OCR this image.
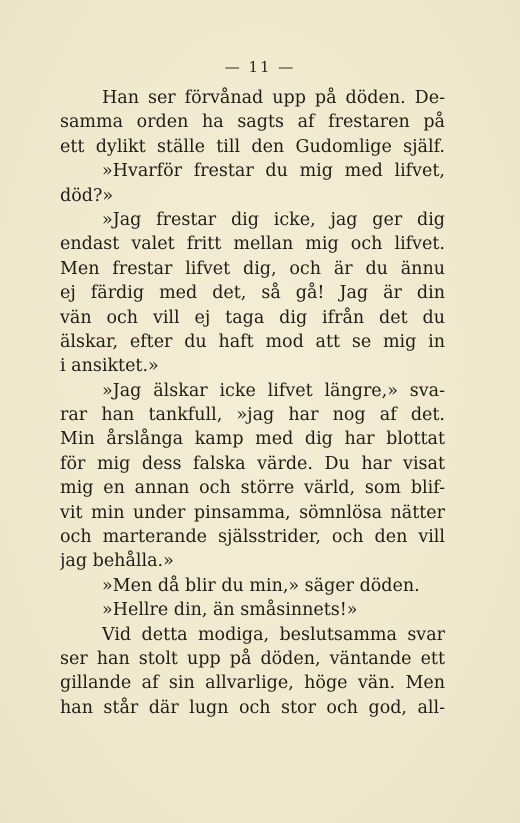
— 11 —
Han ser förvånad upp på döden. De-
samma orden ha sagts af frestaren på
ett dylikt ställe till den Gudomlige själf.
»Hvarför frestar du mig med lifvet,
död?»
»Jag frestar dig icke, jag ger dig
endast valet fritt mellan mig och lifvet.
Men frestar lifvet dig, och är du ännu
ej färdig med det, så gå! Jag är din
vän och vill ej taga dig ifrån det du
älskar, efter du haft mod att se mig in
i ansiktet.»
»Jag älskar icke lifvet längre,» sva-
rar han tankfull, »jag har nog af det.
Min årslånga kamp med dig har blottat
för mig dess falska värde. Du har visat
mig en annan och större värld, som blif-
vit min under pinsamma, sömnlösa nätter
och marterande själsstrider, och den vill
jag behålla.»
»Men då blir du min,» säger döden.
»Hellre din, än småsinnets!»
Vid detta modiga, beslutsamma svar
ser han stolt upp på döden, väntande ett
gillande af sin allvarlige, höge vän. Men
han står där lugn och stor och god, all-
